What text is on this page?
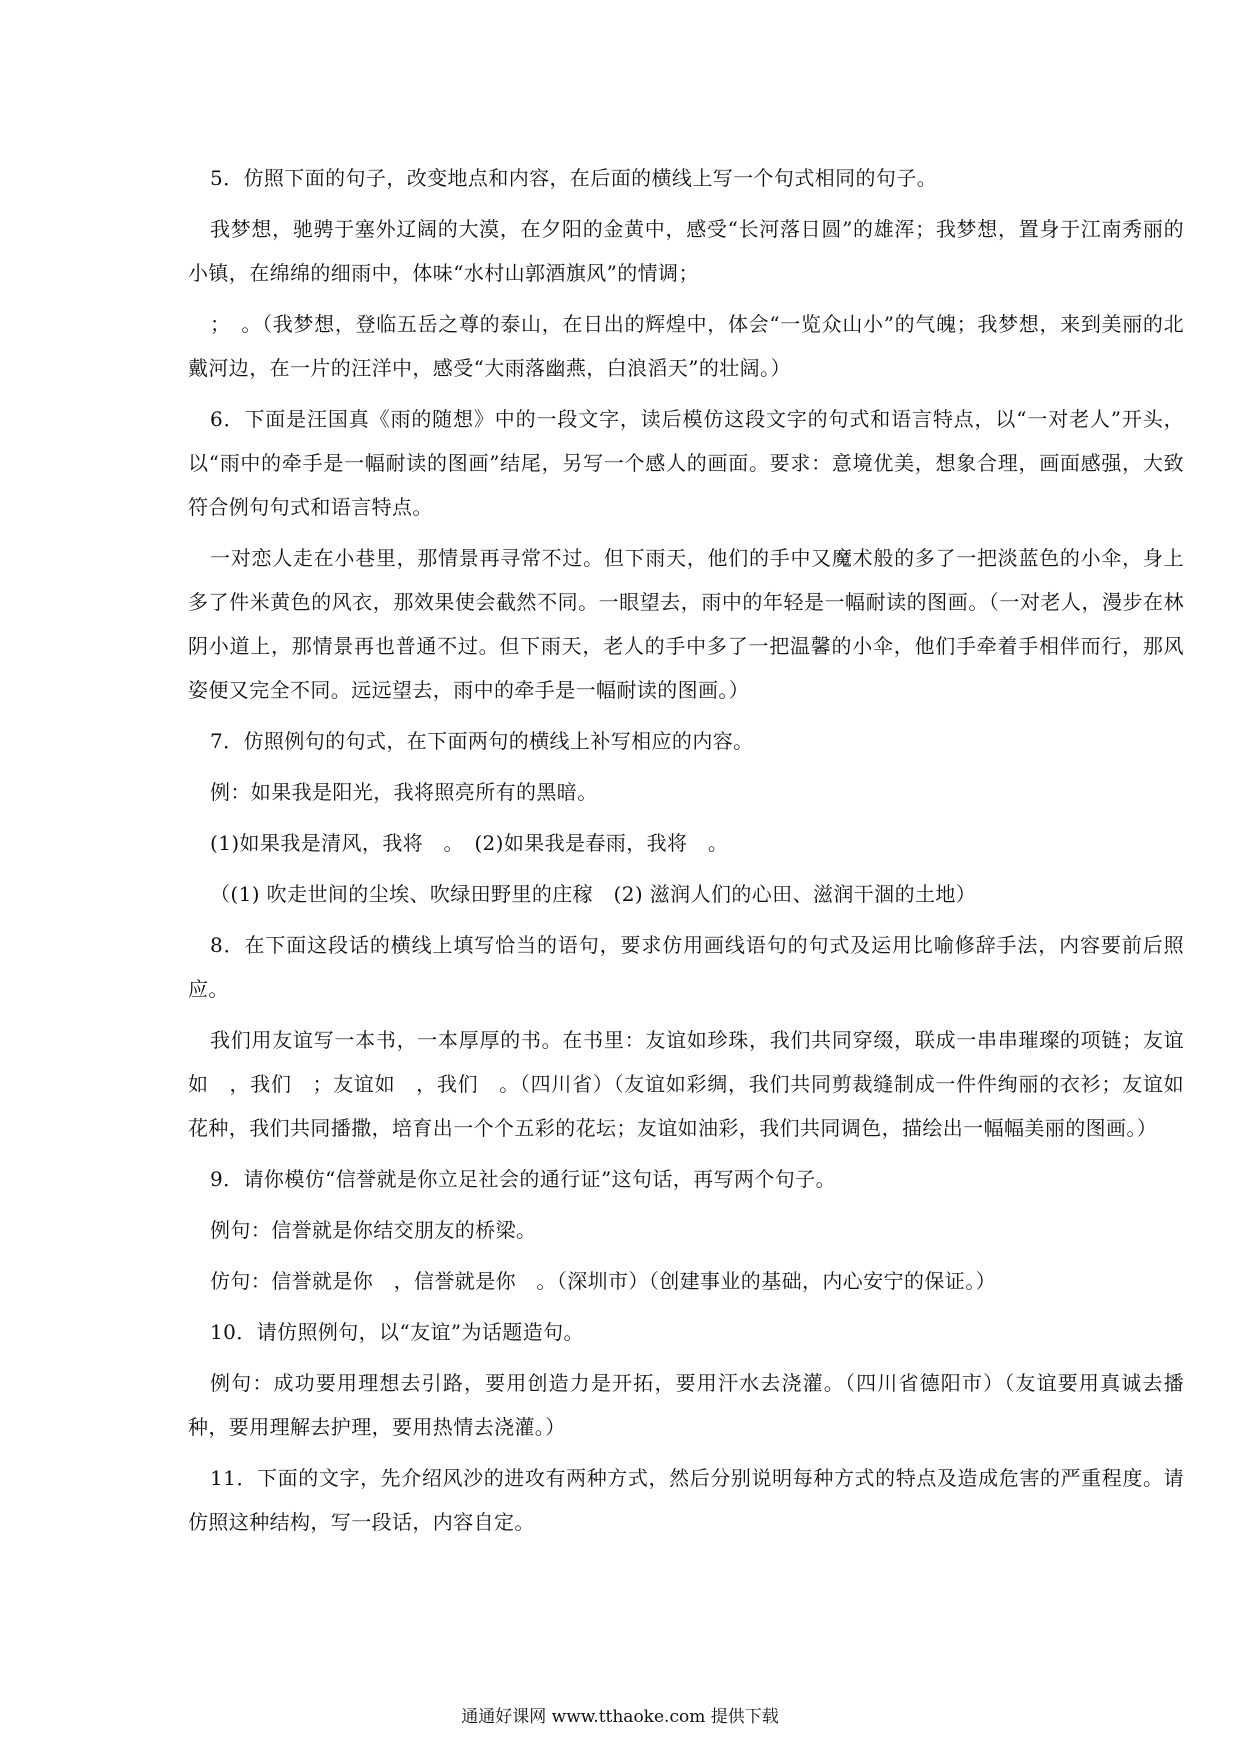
5．仿照下面的句子，改变地点和内容，在后面的横线上写一个句式相同的句子。

我梦想，驰骋于塞外辽阔的大漠，在夕阳的金黄中，感受“长河落日圆”的雄浑；我梦想，置身于江南秀丽的小镇，在绵绵的细雨中，体味“水村山郭酒旗风”的情调；

；　。（我梦想，登临五岳之尊的泰山，在日出的辉煌中，体会“一览众山小”的气魄；我梦想，来到美丽的北戴河边，在一片的汪洋中，感受“大雨落幽燕，白浪滔天”的壮阔。）

6．下面是汪国真《雨的随想》中的一段文字，读后模仿这段文字的句式和语言特点，以“一对老人”开头，以“雨中的牵手是一幅耐读的图画”结尾，另写一个感人的画面。要求：意境优美，想象合理，画面感强，大致符合例句句式和语言特点。

一对恋人走在小巷里，那情景再寻常不过。但下雨天，他们的手中又魔术般的多了一把淡蓝色的小伞，身上多了件米黄色的风衣，那效果使会截然不同。一眼望去，雨中的年轻是一幅耐读的图画。（一对老人，漫步在林阴小道上，那情景再也普通不过。但下雨天，老人的手中多了一把温馨的小伞，他们手牵着手相伴而行，那风姿便又完全不同。远远望去，雨中的牵手是一幅耐读的图画。）

7．仿照例句的句式，在下面两句的横线上补写相应的内容。

例：如果我是阳光，我将照亮所有的黑暗。

(1)如果我是清风，我将　。　(2)如果我是春雨，我将　。

（(1) 吹走世间的尘埃、吹绿田野里的庄稼　(2) 滋润人们的心田、滋润干涸的土地）

8．在下面这段话的横线上填写恰当的语句，要求仿用画线语句的句式及运用比喻修辞手法，内容要前后照应。

我们用友谊写一本书，一本厚厚的书。在书里：友谊如珍珠，我们共同穿缀，联成一串串璀璨的项链；友谊如　，我们　；友谊如　，我们　。（四川省）（友谊如彩绸，我们共同剪裁缝制成一件件绚丽的衣衫；友谊如花种，我们共同播撒，培育出一个个五彩的花坛；友谊如油彩，我们共同调色，描绘出一幅幅美丽的图画。）

9．请你模仿“信誉就是你立足社会的通行证”这句话，再写两个句子。

例句：信誉就是你结交朋友的桥梁。

仿句：信誉就是你　，信誉就是你　。（深圳市）（创建事业的基础，内心安宁的保证。）

10．请仿照例句，以“友谊”为话题造句。

例句：成功要用理想去引路，要用创造力是开拓，要用汗水去浇灌。（四川省德阳市）（友谊要用真诚去播种，要用理解去护理，要用热情去浇灌。）

11．下面的文字，先介绍风沙的进攻有两种方式，然后分别说明每种方式的特点及造成危害的严重程度。请仿照这种结构，写一段话，内容自定。

通通好课网 www.tthaoke.com 提供下载
